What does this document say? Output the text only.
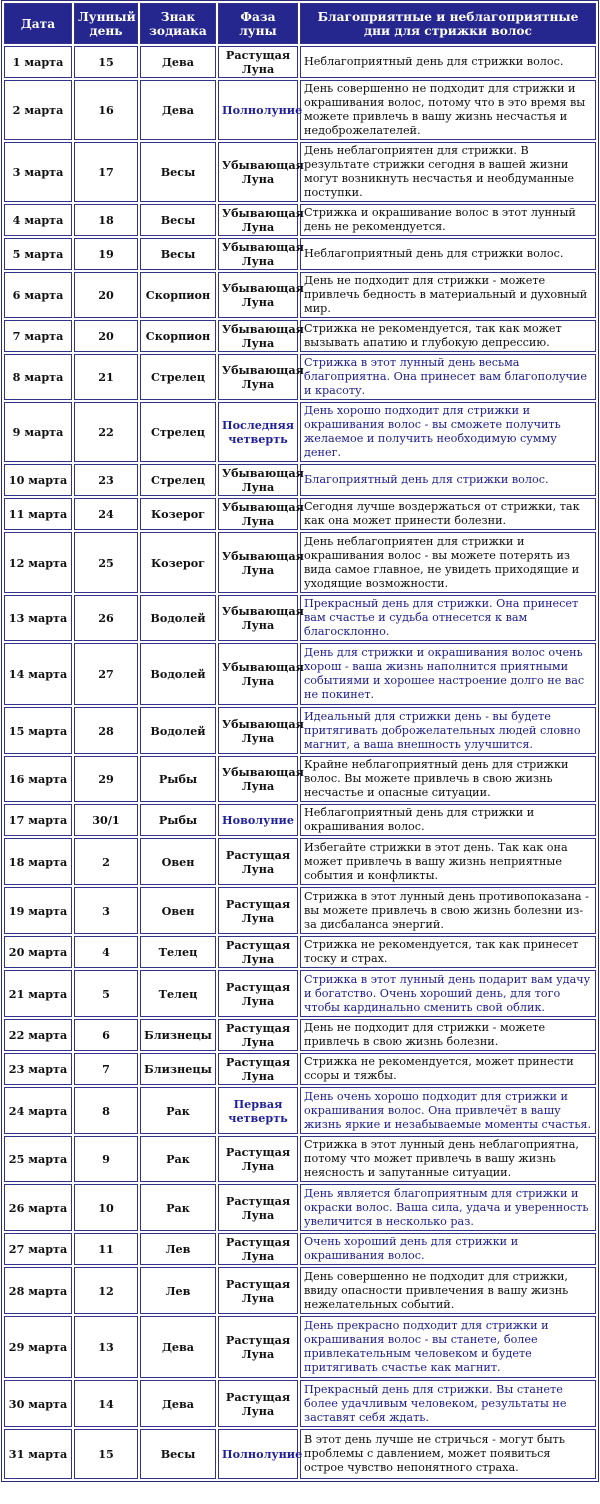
Дата	Лунный день	Знак зодиака	Фаза луны	Благоприятные и неблагоприятные дни для стрижки волос
1 марта	15	Дева	Растущая Луна	Неблагоприятный день для стрижки волос.
2 марта	16	Дева	Полнолуние	День совершенно не подходит для стрижки и окрашивания волос, потому что в это время вы можете привлечь в вашу жизнь несчастья и недоброжелателей.
3 марта	17	Весы	Убывающая Луна	День неблагоприятен для стрижки. В результате стрижки сегодня в вашей жизни могут возникнуть несчастья и необдуманные поступки.
4 марта	18	Весы	Убывающая Луна	Стрижка и окрашивание волос в этот лунный день не рекомендуется.
5 марта	19	Весы	Убывающая Луна	Неблагоприятный день для стрижки волос.
6 марта	20	Скорпион	Убывающая Луна	День не подходит для стрижки - можете привлечь бедность в материальный и духовный мир.
7 марта	20	Скорпион	Убывающая Луна	Стрижка не рекомендуется, так как может вызывать апатию и глубокую депрессию.
8 марта	21	Стрелец	Убывающая Луна	Стрижка в этот лунный день весьма благоприятна. Она принесет вам благополучие и красоту.
9 марта	22	Стрелец	Последняя четверть	День хорошо подходит для стрижки и окрашивания волос - вы сможете получить желаемое и получить необходимую сумму денег.
10 марта	23	Стрелец	Убывающая Луна	Благоприятный день для стрижки волос.
11 марта	24	Козерог	Убывающая Луна	Сегодня лучше воздержаться от стрижки, так как она может принести болезни.
12 марта	25	Козерог	Убывающая Луна	День неблагоприятен для стрижки и окрашивания волос - вы можете потерять из вида самое главное, не увидеть приходящие и уходящие возможности.
13 марта	26	Водолей	Убывающая Луна	Прекрасный день для стрижки. Она принесет вам счастье и судьба отнесется к вам благосклонно.
14 марта	27	Водолей	Убывающая Луна	День для стрижки и окрашивания волос очень хорош - ваша жизнь наполнится приятными событиями и хорошее настроение долго не вас не покинет.
15 марта	28	Водолей	Убывающая Луна	Идеальный для стрижки день - вы будете притягивать доброжелательных людей словно магнит, а ваша внешность улучшится.
16 марта	29	Рыбы	Убывающая Луна	Крайне неблагоприятный день для стрижки волос. Вы можете привлечь в свою жизнь несчастье и опасные ситуации.
17 марта	30/1	Рыбы	Новолуние	Неблагоприятный день для стрижки и окрашивания волос.
18 марта	2	Овен	Растущая Луна	Избегайте стрижки в этот день. Так как она может привлечь в вашу жизнь неприятные события и конфликты.
19 марта	3	Овен	Растущая Луна	Стрижка в этот лунный день противопоказана - вы можете привлечь в свою жизнь болезни из-за дисбаланса энергий.
20 марта	4	Телец	Растущая Луна	Стрижка не рекомендуется, так как принесет тоску и страх.
21 марта	5	Телец	Растущая Луна	Стрижка в этот лунный день подарит вам удачу и богатство. Очень хороший день, для того чтобы кардинально сменить свой облик.
22 марта	6	Близнецы	Растущая Луна	День не подходит для стрижки - можете привлечь в свою жизнь болезни.
23 марта	7	Близнецы	Растущая Луна	Стрижка не рекомендуется, может принести ссоры и тяжбы.
24 марта	8	Рак	Первая четверть	День очень хорошо подходит для стрижки и окрашивания волос. Она привлечёт в вашу жизнь яркие и незабываемые моменты счастья.
25 марта	9	Рак	Растущая Луна	Стрижка в этот лунный день неблагоприятна, потому что может привлечь в вашу жизнь неясность и запутанные ситуации.
26 марта	10	Рак	Растущая Луна	День является благоприятным для стрижки и окраски волос. Ваша сила, удача и уверенность увеличится в несколько раз.
27 марта	11	Лев	Растущая Луна	Очень хороший день для стрижки и окрашивания волос.
28 марта	12	Лев	Растущая Луна	День совершенно не подходит для стрижки, ввиду опасности привлечения в вашу жизнь нежелательных событий.
29 марта	13	Дева	Растущая Луна	День прекрасно подходит для стрижки и окрашивания волос - вы станете, более привлекательным человеком и будете притягивать счастье как магнит.
30 марта	14	Дева	Растущая Луна	Прекрасный день для стрижки. Вы станете более удачливым человеком, результаты не заставят себя ждать.
31 марта	15	Весы	Полнолуние	В этот день лучше не стричься - могут быть проблемы с давлением, может появиться острое чувство непонятного страха.
